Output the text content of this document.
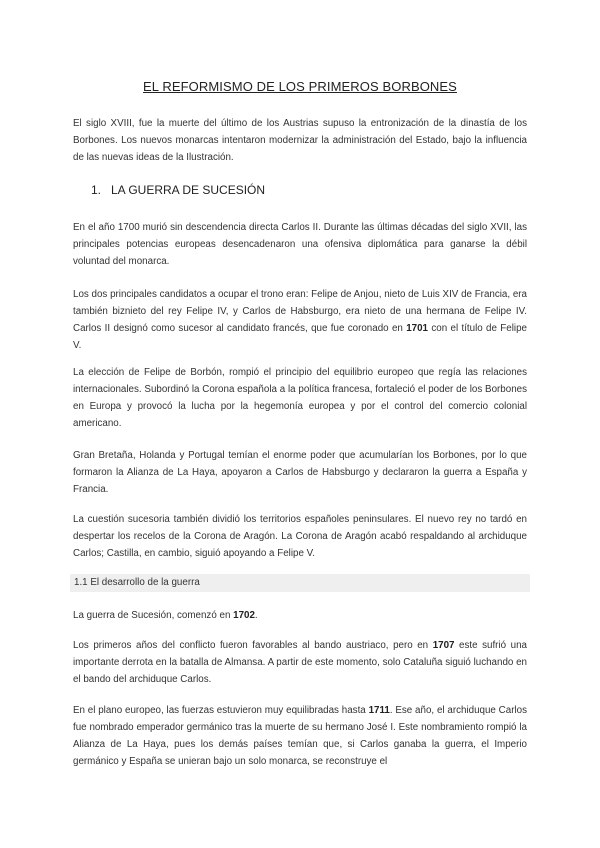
EL REFORMISMO DE LOS PRIMEROS BORBONES

El siglo XVIII, fue la muerte del último de los Austrias supuso la entronización de la dinastía de los Borbones. Los nuevos monarcas intentaron modernizar la administración del Estado, bajo la influencia de las nuevas ideas de la Ilustración.

1. LA GUERRA DE SUCESIÓN

En el año 1700 murió sin descendencia directa Carlos II. Durante las últimas décadas del siglo XVII, las principales potencias europeas desencadenaron una ofensiva diplomática para ganarse la débil voluntad del monarca.

Los dos principales candidatos a ocupar el trono eran: Felipe de Anjou, nieto de Luis XIV de Francia, era también biznieto del rey Felipe IV, y Carlos de Habsburgo, era nieto de una hermana de Felipe IV. Carlos II designó como sucesor al candidato francés, que fue coronado en 1701 con el título de Felipe V.

La elección de Felipe de Borbón, rompió el principio del equilibrio europeo que regía las relaciones internacionales. Subordinó la Corona española a la política francesa, fortaleció el poder de los Borbones en Europa y provocó la lucha por la hegemonía europea y por el control del comercio colonial americano.

Gran Bretaña, Holanda y Portugal temían el enorme poder que acumularían los Borbones, por lo que formaron la Alianza de La Haya, apoyaron a Carlos de Habsburgo y declararon la guerra a España y Francia.

La cuestión sucesoria también dividió los territorios españoles peninsulares. El nuevo rey no tardó en despertar los recelos de la Corona de Aragón. La Corona de Aragón acabó respaldando al archiduque Carlos; Castilla, en cambio, siguió apoyando a Felipe V.

1.1 El desarrollo de la guerra

La guerra de Sucesión, comenzó en 1702.

Los primeros años del conflicto fueron favorables al bando austriaco, pero en 1707 este sufrió una importante derrota en la batalla de Almansa. A partir de este momento, solo Cataluña siguió luchando en el bando del archiduque Carlos.

En el plano europeo, las fuerzas estuvieron muy equilibradas hasta 1711. Ese año, el archiduque Carlos fue nombrado emperador germánico tras la muerte de su hermano José I. Este nombramiento rompió la Alianza de La Haya, pues los demás países temían que, si Carlos ganaba la guerra, el Imperio germánico y España se unieran bajo un solo monarca, se reconstruye el
